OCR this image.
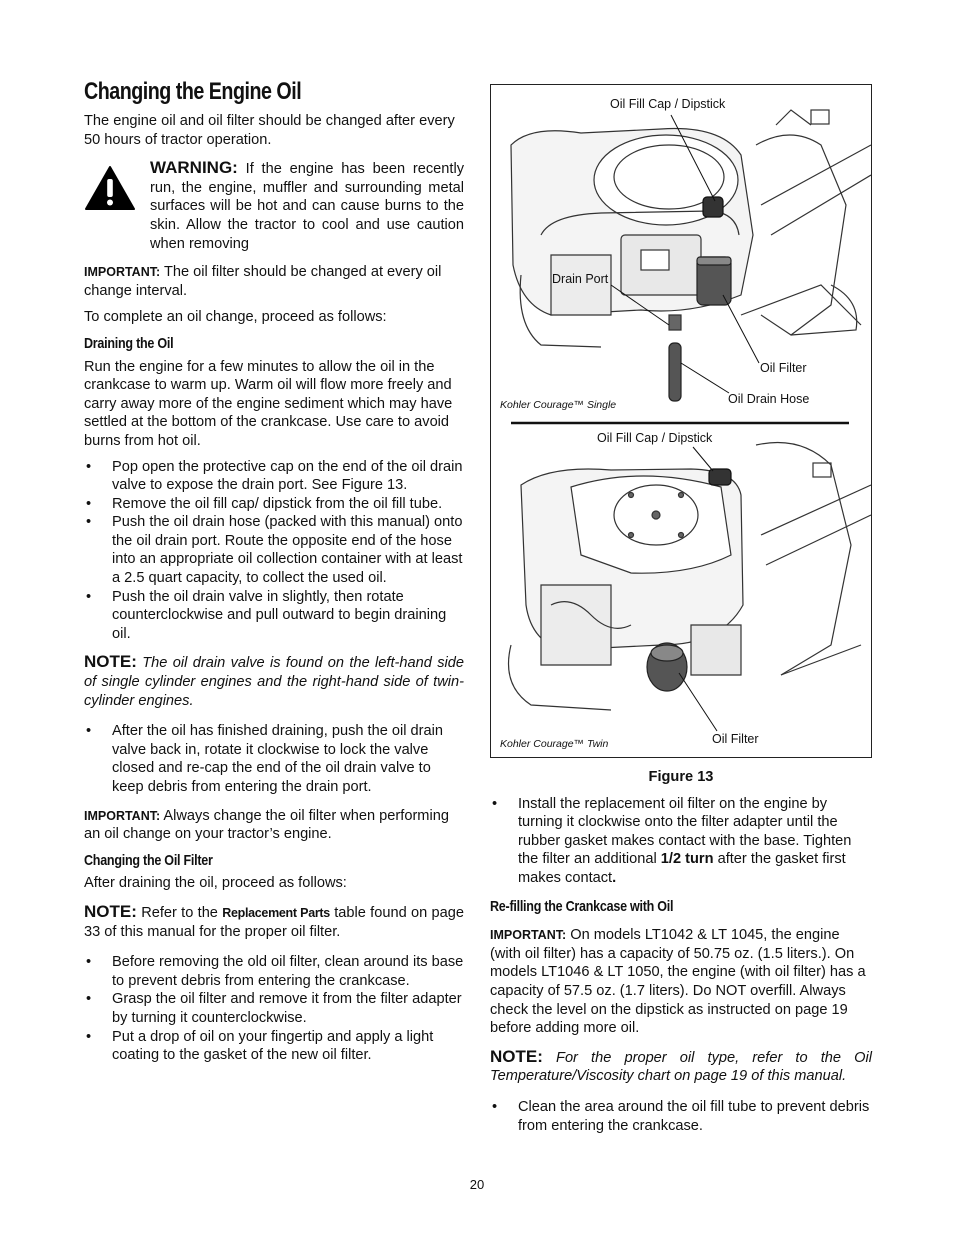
Changing the Engine Oil

The engine oil and oil filter should be changed after every 50 hours of tractor operation.

WARNING: If the engine has been recently run, the engine, muffler and surrounding metal surfaces will be hot and can cause burns to the skin. Allow the tractor to cool and use caution when removing

IMPORTANT: The oil filter should be changed at every oil change interval.

To complete an oil change, proceed as follows:

Draining the Oil

Run the engine for a few minutes to allow the oil in the crankcase to warm up. Warm oil will flow more freely and carry away more of the engine sediment which may have settled at the bottom of the crankcase. Use care to avoid burns from hot oil.

• Pop open the protective cap on the end of the oil drain valve to expose the drain port. See Figure 13.
• Remove the oil fill cap/ dipstick from the oil fill tube.
• Push the oil drain hose (packed with this manual) onto the oil drain port. Route the opposite end of the hose into an appropriate oil collection container with at least a 2.5 quart capacity, to collect the used oil.
• Push the oil drain valve in slightly, then rotate counterclockwise and pull outward to begin draining oil.

NOTE: The oil drain valve is found on the left-hand side of single cylinder engines and the right-hand side of twin-cylinder engines.

• After the oil has finished draining, push the oil drain valve back in, rotate it clockwise to lock the valve closed and re-cap the end of the oil drain valve to keep debris from entering the drain port.

IMPORTANT: Always change the oil filter when performing an oil change on your tractor’s engine.

Changing the Oil Filter

After draining the oil, proceed as follows:

NOTE: Refer to the Replacement Parts table found on page 33 of this manual for the proper oil filter.

• Before removing the old oil filter, clean around its base to prevent debris from entering the crankcase.
• Grasp the oil filter and remove it from the filter adapter by turning it counterclockwise.
• Put a drop of oil on your fingertip and apply a light coating to the gasket of the new oil filter.
Oil Fill Cap / Dipstick
Drain Port
Oil Filter
Kohler Courage™ Single	Oil Drain Hose
Oil Fill Cap / Dipstick
Kohler Courage™ Twin	Oil Filter
Figure 13
• Install the replacement oil filter on the engine by turning it clockwise onto the filter adapter until the rubber gasket makes contact with the base. Tighten the filter an additional 1/2 turn after the gasket first makes contact.
Re-filling the Crankcase with Oil

IMPORTANT: On models LT1042 & LT 1045, the engine (with oil filter) has a capacity of 50.75 oz. (1.5 liters.). On models LT1046 & LT 1050, the engine (with oil filter) has a capacity of 57.5 oz. (1.7 liters). Do NOT overfill. Always check the level on the dipstick as instructed on page 19 before adding more oil.

NOTE: For the proper oil type, refer to the Oil Temperature/Viscosity chart on page 19 of this manual.

• Clean the area around the oil fill tube to prevent debris from entering the crankcase.
20
